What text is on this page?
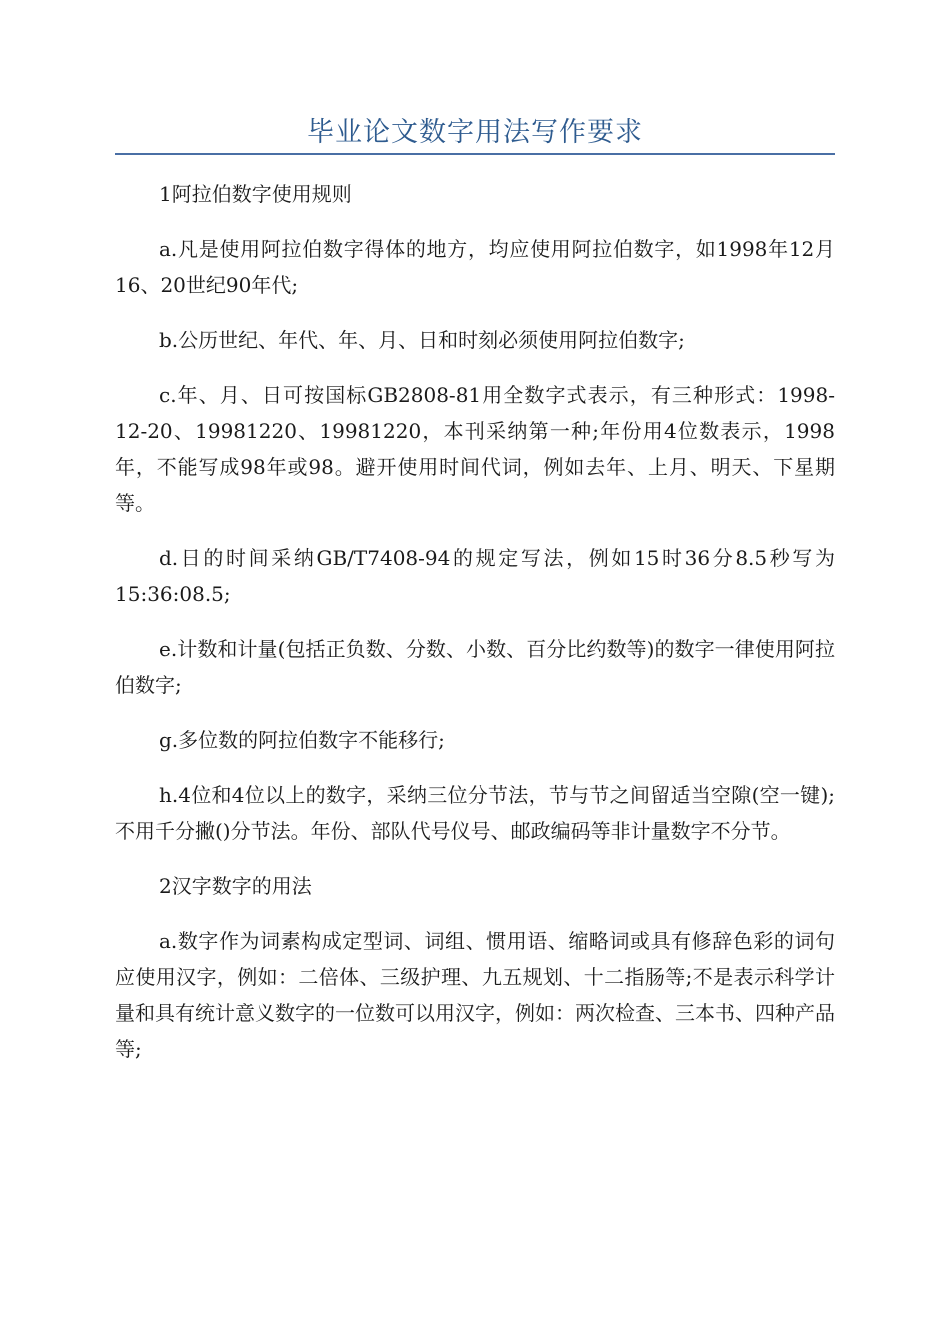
毕业论文数字用法写作要求

1阿拉伯数字使用规则

a.凡是使用阿拉伯数字得体的地方，均应使用阿拉伯数字，如1998年12月16、20世纪90年代;

b.公历世纪、年代、年、月、日和时刻必须使用阿拉伯数字;

c.年、月、日可按国标GB2808-81用全数字式表示，有三种形式：1998-12-20、19981220、19981220，本刊采纳第一种;年份用4位数表示，1998年，不能写成98年或98。避开使用时间代词，例如去年、上月、明天、下星期等。

d.日的时间采纳GB/T7408-94的规定写法，例如15时36分8.5秒写为15:36:08.5;

e.计数和计量(包括正负数、分数、小数、百分比约数等)的数字一律使用阿拉伯数字;

g.多位数的阿拉伯数字不能移行;

h.4位和4位以上的数字，采纳三位分节法，节与节之间留适当空隙(空一键);不用千分撇()分节法。年份、部队代号仪号、邮政编码等非计量数字不分节。

2汉字数字的用法

a.数字作为词素构成定型词、词组、惯用语、缩略词或具有修辞色彩的词句应使用汉字，例如：二倍体、三级护理、九五规划、十二指肠等;不是表示科学计量和具有统计意义数字的一位数可以用汉字，例如：两次检查、三本书、四种产品等;
